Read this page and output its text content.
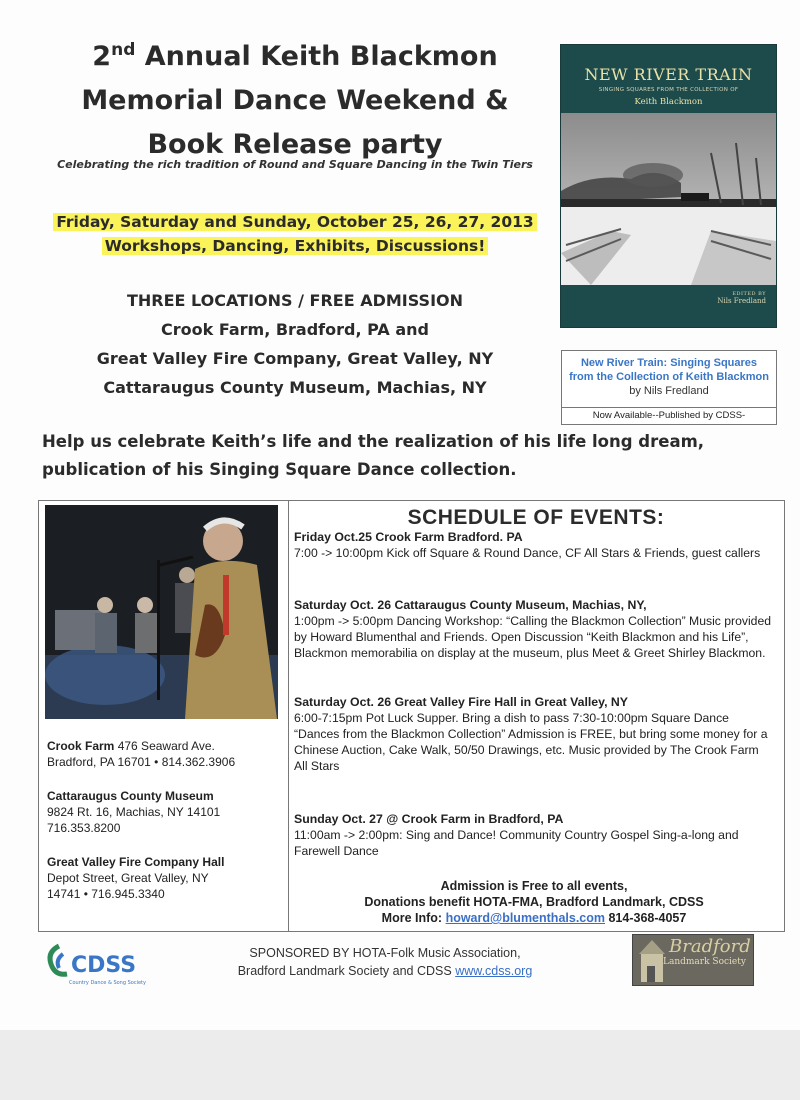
2nd Annual Keith Blackmon
Memorial Dance Weekend &
Book Release party
Celebrating the rich tradition of Round and Square Dancing in the Twin Tiers
Friday, Saturday and Sunday, October 25, 26, 27, 2013
Workshops, Dancing, Exhibits, Discussions!
THREE LOCATIONS / FREE ADMISSION
Crook Farm, Bradford, PA and
Great Valley Fire Company, Great Valley, NY
Cattaraugus County Museum, Machias, NY
NEW RIVER TRAIN
SINGING SQUARES FROM THE COLLECTION OF
Keith Blackmon
EDITED BY
Nils Fredland
New River Train: Singing Squares from the Collection of Keith Blackmon by Nils Fredland
Now Available--Published by CDSS-
Help us celebrate Keith’s life and the realization of his life long dream,
publication of his Singing Square Dance collection.
Crook Farm 476 Seaward Ave.
Bradford, PA 16701 • 814.362.3906
Cattaraugus County Museum
9824 Rt. 16, Machias, NY 14101
716.353.8200
Great Valley Fire Company Hall
Depot Street, Great Valley, NY
14741 • 716.945.3340
SCHEDULE OF EVENTS:
Friday Oct.25 Crook Farm Bradford. PA
7:00 -> 10:00pm Kick off Square & Round Dance, CF All Stars & Friends, guest callers
Saturday Oct. 26 Cattaraugus County Museum, Machias, NY,
1:00pm -> 5:00pm Dancing Workshop: “Calling the Blackmon Collection” Music provided by Howard Blumenthal and Friends. Open Discussion “Keith Blackmon and his Life”, Blackmon memorabilia on display at the museum, plus Meet & Greet Shirley Blackmon.
Saturday Oct. 26 Great Valley Fire Hall in Great Valley, NY
6:00-7:15pm Pot Luck Supper. Bring a dish to pass 7:30-10:00pm Square Dance “Dances from the Blackmon Collection” Admission is FREE, but bring some money for a Chinese Auction, Cake Walk, 50/50 Drawings, etc. Music provided by The Crook Farm All Stars
Sunday Oct. 27 @ Crook Farm in Bradford, PA
11:00am -> 2:00pm: Sing and Dance! Community Country Gospel Sing-a-long and Farewell Dance
Admission is Free to all events,
Donations benefit HOTA-FMA, Bradford Landmark, CDSS
More Info: howard@blumenthals.com 814-368-4057
CDSS
Country Dance & Song Society
SPONSORED BY HOTA-Folk Music Association,
Bradford Landmark Society and CDSS www.cdss.org
Bradford
Landmark Society
